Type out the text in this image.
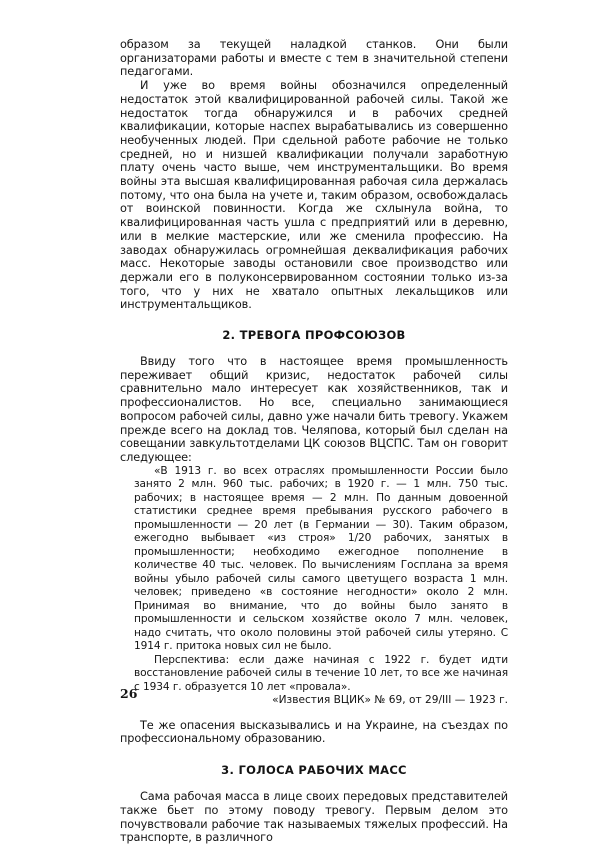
образом за текущей наладкой станков. Они были организаторами работы и вместе с тем в значительной степени педагогами.

И уже во время войны обозначился определенный недостаток этой квалифицированной рабочей силы. Такой же недостаток тогда обнаружился и в рабочих средней квалификации, которые наспех вырабатывались из совершенно необученных людей. При сдельной работе рабочие не только средней, но и низшей квалификации получали заработную плату очень часто выше, чем инструментальщики. Во время войны эта высшая квалифицированная рабочая сила держалась потому, что она была на учете и, таким образом, освобождалась от воинской повинности. Когда же схлынула война, то квалифицированная часть ушла с предприятий или в деревню, или в мелкие мастерские, или же сменила профессию. На заводах обнаружилась огромнейшая деквалификация рабочих масс. Некоторые заводы остановили свое производство или держали его в полуконсервированном состоянии только из-за того, что у них не хватало опытных лекальщиков или инструментальщиков.

2. ТРЕВОГА ПРОФСОЮЗОВ

Ввиду того что в настоящее время промышленность переживает общий кризис, недостаток рабочей силы сравнительно мало интересует как хозяйственников, так и профессионалистов. Но все, специально занимающиеся вопросом рабочей силы, давно уже начали бить тревогу. Укажем прежде всего на доклад тов. Челяпова, который был сделан на совещании завкультотделами ЦК союзов ВЦСПС. Там он говорит следующее:

«В 1913 г. во всех отраслях промышленности России было занято 2 млн. 960 тыс. рабочих; в 1920 г. — 1 млн. 750 тыс. рабочих; в настоящее время — 2 млн. По данным довоенной статистики среднее время пребывания русского рабочего в промышленности — 20 лет (в Германии — 30). Таким образом, ежегодно выбывает «из строя» 1/20 рабочих, занятых в промышленности; необходимо ежегодное пополнение в количестве 40 тыс. человек. По вычислениям Госплана за время войны убыло рабочей силы самого цветущего возраста 1 млн. человек; приведено «в состояние негодности» около 2 млн. Принимая во внимание, что до войны было занято в промышленности и сельском хозяйстве около 7 млн. человек, надо считать, что около половины этой рабочей силы утеряно. С 1914 г. притока новых сил не было.

Перспектива: если даже начиная с 1922 г. будет идти восстановление рабочей силы в течение 10 лет, то все же начиная с 1934 г. образуется 10 лет «провала».

«Известия ВЦИК» № 69, от 29/III — 1923 г.

Те же опасения высказывались и на Украине, на съездах по профессиональному образованию.

3. ГОЛОСА РАБОЧИХ МАСС

Сама рабочая масса в лице своих передовых представителей также бьет по этому поводу тревогу. Первым делом это почувствовали рабочие так называемых тяжелых профессий. На транспорте, в различного

26
